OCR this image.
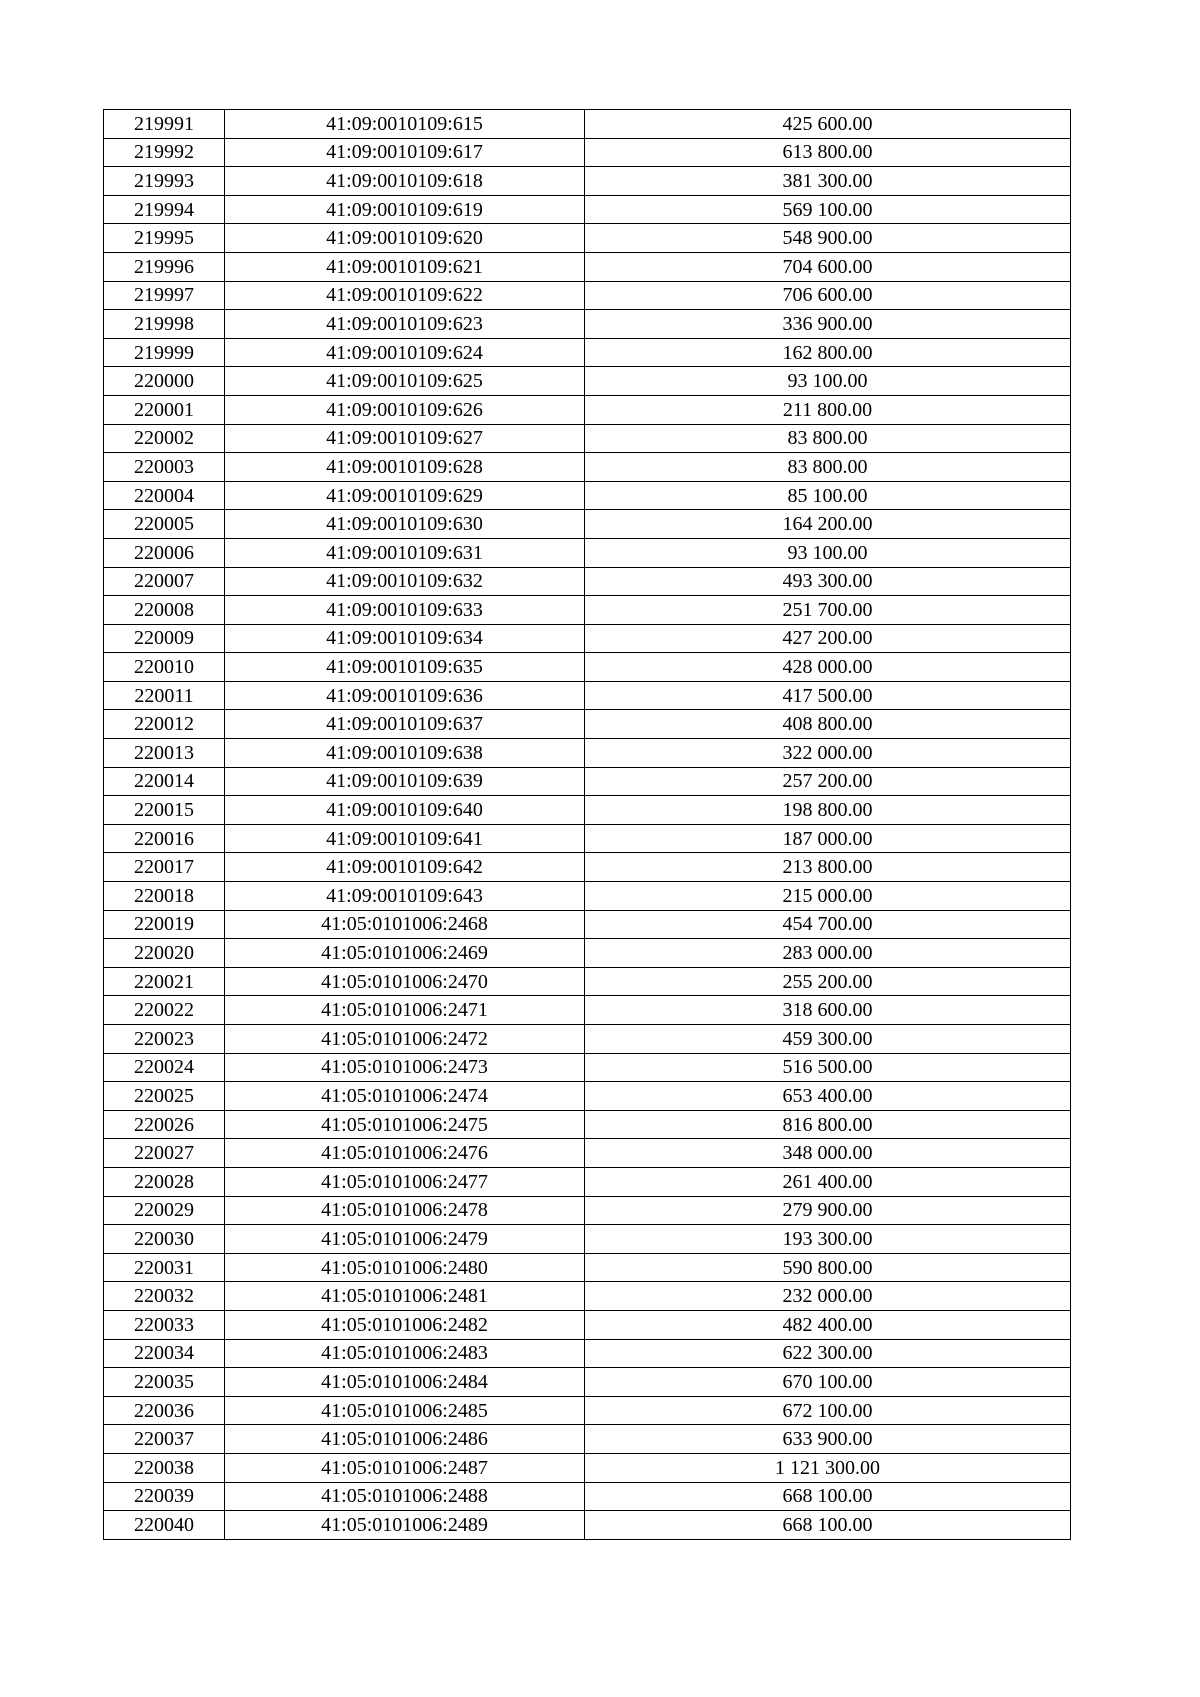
219991	41:09:0010109:615	425 600.00
219992	41:09:0010109:617	613 800.00
219993	41:09:0010109:618	381 300.00
219994	41:09:0010109:619	569 100.00
219995	41:09:0010109:620	548 900.00
219996	41:09:0010109:621	704 600.00
219997	41:09:0010109:622	706 600.00
219998	41:09:0010109:623	336 900.00
219999	41:09:0010109:624	162 800.00
220000	41:09:0010109:625	93 100.00
220001	41:09:0010109:626	211 800.00
220002	41:09:0010109:627	83 800.00
220003	41:09:0010109:628	83 800.00
220004	41:09:0010109:629	85 100.00
220005	41:09:0010109:630	164 200.00
220006	41:09:0010109:631	93 100.00
220007	41:09:0010109:632	493 300.00
220008	41:09:0010109:633	251 700.00
220009	41:09:0010109:634	427 200.00
220010	41:09:0010109:635	428 000.00
220011	41:09:0010109:636	417 500.00
220012	41:09:0010109:637	408 800.00
220013	41:09:0010109:638	322 000.00
220014	41:09:0010109:639	257 200.00
220015	41:09:0010109:640	198 800.00
220016	41:09:0010109:641	187 000.00
220017	41:09:0010109:642	213 800.00
220018	41:09:0010109:643	215 000.00
220019	41:05:0101006:2468	454 700.00
220020	41:05:0101006:2469	283 000.00
220021	41:05:0101006:2470	255 200.00
220022	41:05:0101006:2471	318 600.00
220023	41:05:0101006:2472	459 300.00
220024	41:05:0101006:2473	516 500.00
220025	41:05:0101006:2474	653 400.00
220026	41:05:0101006:2475	816 800.00
220027	41:05:0101006:2476	348 000.00
220028	41:05:0101006:2477	261 400.00
220029	41:05:0101006:2478	279 900.00
220030	41:05:0101006:2479	193 300.00
220031	41:05:0101006:2480	590 800.00
220032	41:05:0101006:2481	232 000.00
220033	41:05:0101006:2482	482 400.00
220034	41:05:0101006:2483	622 300.00
220035	41:05:0101006:2484	670 100.00
220036	41:05:0101006:2485	672 100.00
220037	41:05:0101006:2486	633 900.00
220038	41:05:0101006:2487	1 121 300.00
220039	41:05:0101006:2488	668 100.00
220040	41:05:0101006:2489	668 100.00
